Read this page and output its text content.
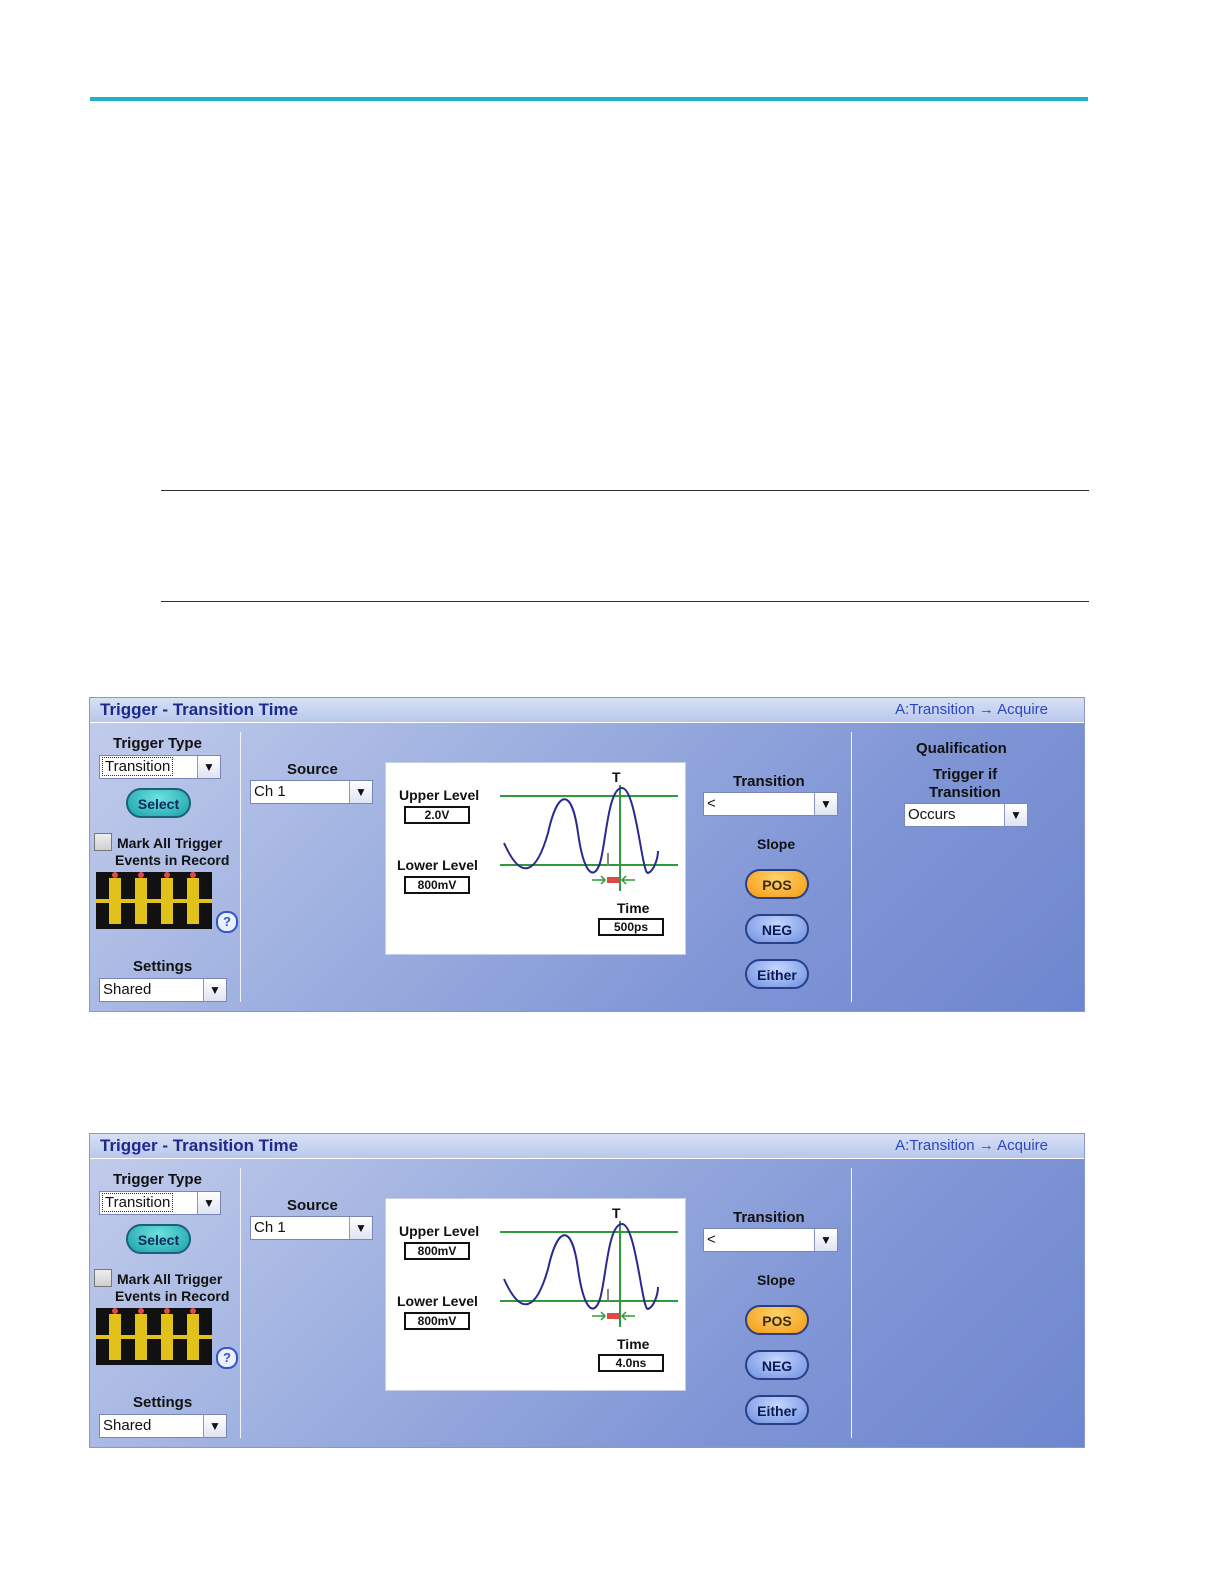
Trigger - Transition Time	A:Transition → Acquire
Trigger Type
Transition	▼
Select
Mark All Trigger
Events in Record
?
Settings
Shared	▼
Source
Ch 1	▼
T
Upper Level
2.0V
Lower Level
800mV
Time
500ps
Transition
<	▼
Slope
POS
NEG
Either
Qualification
Trigger if
Transition
Occurs	▼
Trigger - Transition Time	A:Transition → Acquire
Trigger Type
Transition	▼
Select
Mark All Trigger
Events in Record
?
Settings
Shared	▼
Source
Ch 1	▼
T
Upper Level
800mV
Lower Level
800mV
Time
4.0ns
Transition
<	▼
Slope
POS
NEG
Either
